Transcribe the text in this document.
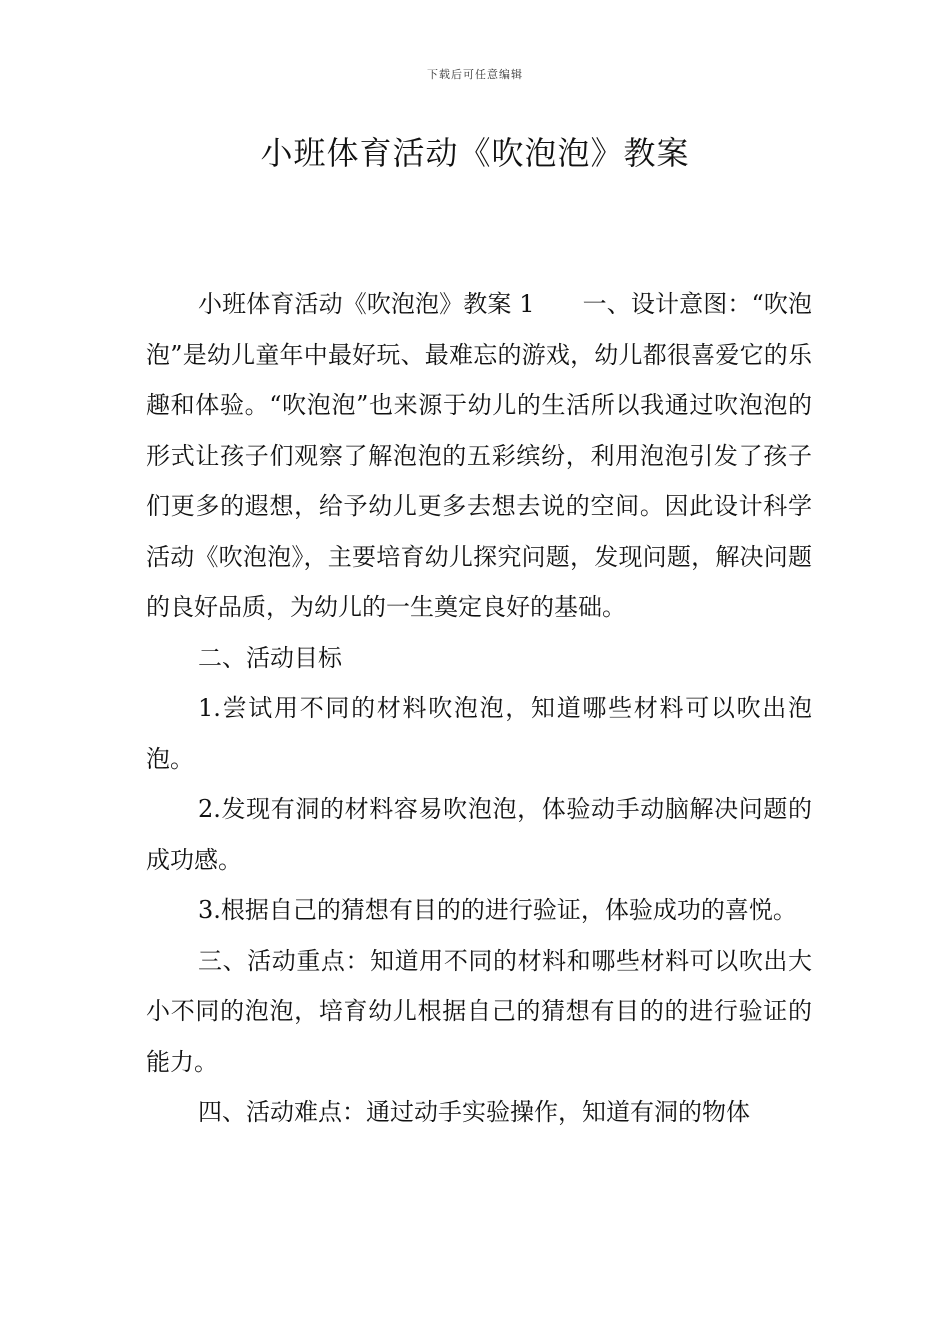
下载后可任意编辑
小班体育活动《吹泡泡》教案

小班体育活动《吹泡泡》教案 1 一、设计意图：“吹泡泡”是幼儿童年中最好玩、最难忘的游戏，幼儿都很喜爱它的乐趣和体验。“吹泡泡”也来源于幼儿的生活所以我通过吹泡泡的形式让孩子们观察了解泡泡的五彩缤纷，利用泡泡引发了孩子们更多的遐想，给予幼儿更多去想去说的空间。因此设计科学活动《吹泡泡》，主要培育幼儿探究问题，发现问题，解决问题的良好品质，为幼儿的一生奠定良好的基础。

二、活动目标

1.尝试用不同的材料吹泡泡，知道哪些材料可以吹出泡泡。

2.发现有洞的材料容易吹泡泡，体验动手动脑解决问题的成功感。

3.根据自己的猜想有目的的进行验证，体验成功的喜悦。

三、活动重点：知道用不同的材料和哪些材料可以吹出大小不同的泡泡，培育幼儿根据自己的猜想有目的的进行验证的能力。

四、活动难点：通过动手实验操作，知道有洞的物体
